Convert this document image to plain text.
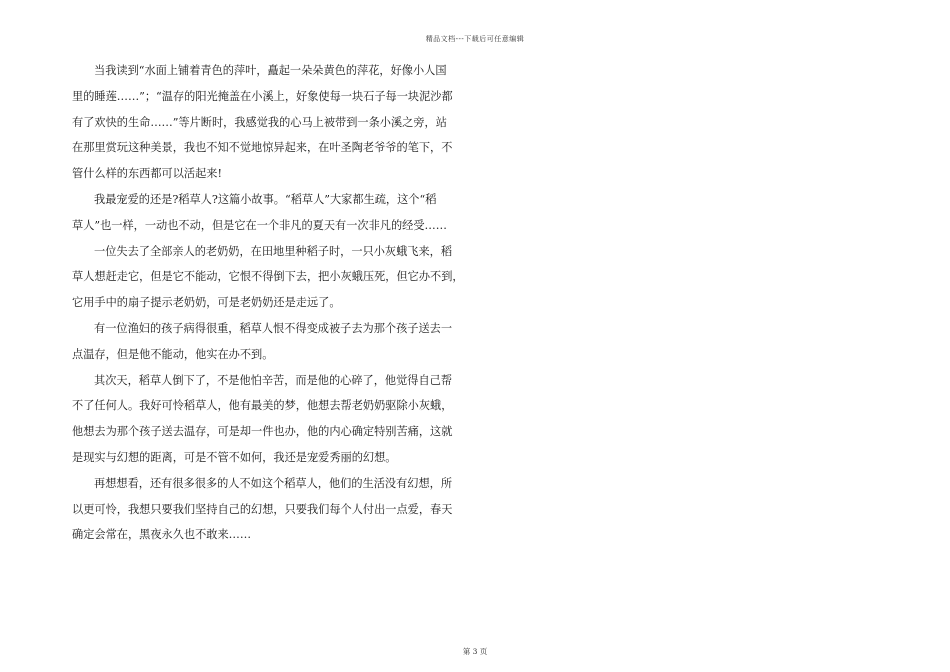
精品文档---下载后可任意编辑

当我读到“水面上铺着青色的萍叶，矗起一朵朵黄色的萍花，好像小人国
里的睡莲……”；“温存的阳光掩盖在小溪上，好象使每一块石子每一块泥沙都
有了欢快的生命……”等片断时，我感觉我的心马上被带到一条小溪之旁，站
在那里赏玩这种美景，我也不知不觉地惊异起来，在叶圣陶老爷爷的笔下，不
管什么样的东西都可以活起来!

我最宠爱的还是?稻草人?这篇小故事。“稻草人”大家都生疏，这个“稻
草人”也一样，一动也不动，但是它在一个非凡的夏天有一次非凡的经受……

一位失去了全部亲人的老奶奶，在田地里种稻子时，一只小灰蛾飞来，稻
草人想赶走它，但是它不能动，它恨不得倒下去，把小灰蛾压死，但它办不到，
它用手中的扇子提示老奶奶，可是老奶奶还是走远了。

有一位渔妇的孩子病得很重，稻草人恨不得变成被子去为那个孩子送去一
点温存，但是他不能动，他实在办不到。

其次天，稻草人倒下了，不是他怕辛苦，而是他的心碎了，他觉得自己帮
不了任何人。我好可怜稻草人，他有最美的梦，他想去帮老奶奶驱除小灰蛾，
他想去为那个孩子送去温存，可是却一件也办，他的内心确定特别苦痛，这就
是现实与幻想的距离，可是不管不如何，我还是宠爱秀丽的幻想。

再想想看，还有很多很多的人不如这个稻草人，他们的生活没有幻想，所
以更可怜，我想只要我们坚持自己的幻想，只要我们每个人付出一点爱，春天
确定会常在，黑夜永久也不敢来……

第 3 页
